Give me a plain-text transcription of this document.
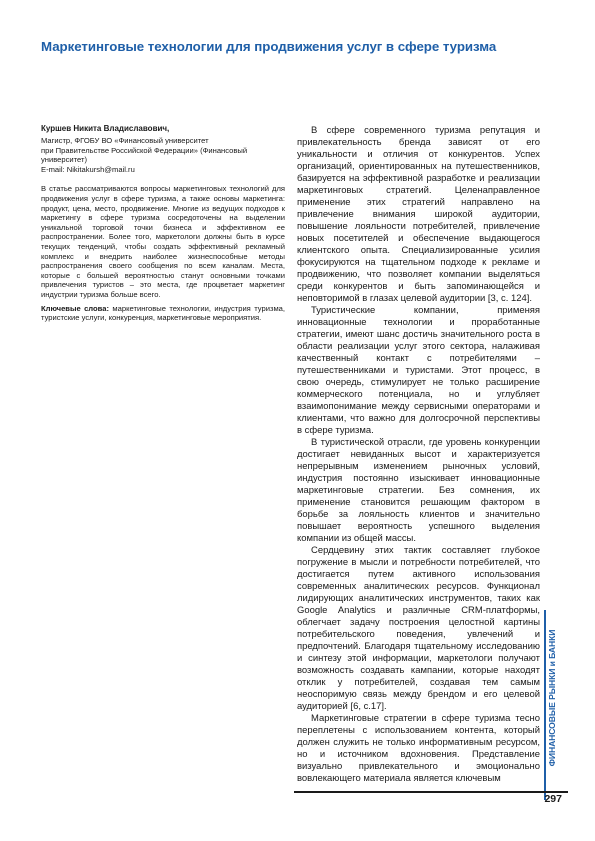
Маркетинговые технологии для продвижения услуг в сфере туризма
Куршев Никита Владиславович,
Магистр, ФГОБУ ВО «Финансовый университет
при Правительстве Российской Федерации» (Финансовый
университет)
E-mail: Nikitakursh@mail.ru
В статье рассматриваются вопросы маркетинговых технологий для продвижения услуг в сфере туризма, а также основы маркетинга: продукт, цена, место, продвижение. Многие из ведущих подходов к маркетингу в сфере туризма сосредоточены на выделении уникальной торговой точки бизнеса и эффективном ее распространении. Более того, маркетологи должны быть в курсе текущих тенденций, чтобы создать эффективный рекламный комплекс и внедрить наиболее жизнеспособные методы распространения своего сообщения по всем каналам. Места, которые с большей вероятностью станут основными точками привлечения туристов – это места, где процветает маркетинг индустрии туризма больше всего.
Ключевые слова: маркетинговые технологии, индустрия туризма, туристские услуги, конкуренция, маркетинговые мероприятия.

В сфере современного туризма репутация и привлекательность бренда зависят от его уникальности и отличия от конкурентов. Успех организаций, ориентированных на путешественников, базируется на эффективной разработке и реализации маркетинговых стратегий. Целенаправленное применение этих стратегий направлено на привлечение внимания широкой аудитории, повышение лояльности потребителей, привлечение новых посетителей и обеспечение выдающегося клиентского опыта. Специализированные усилия фокусируются на тщательном подходе к рекламе и продвижению, что позволяет компании выделяться среди конкурентов и быть запоминающейся и неповторимой в глазах целевой аудитории [3, с. 124].

Туристические компании, применяя инновационные технологии и проработанные стратегии, имеют шанс достичь значительного роста в области реализации услуг этого сектора, налаживая качественный контакт с потребителями – путешественниками и туристами. Этот процесс, в свою очередь, стимулирует не только расширение коммерческого потенциала, но и углубляет взаимопонимание между сервисными операторами и клиентами, что важно для долгосрочной перспективы в сфере туризма.

В туристической отрасли, где уровень конкуренции достигает невиданных высот и характеризуется непрерывным изменением рыночных условий, индустрия постоянно изыскивает инновационные маркетинговые стратегии. Без сомнения, их применение становится решающим фактором в борьбе за лояльность клиентов и значительно повышает вероятность успешного выделения компании из общей массы.

Сердцевину этих тактик составляет глубокое погружение в мысли и потребности потребителей, что достигается путем активного использования современных аналитических ресурсов. Функционал лидирующих аналитических инструментов, таких как Google Analytics и различные CRM-платформы, облегчает задачу построения целостной картины потребительского поведения, увлечений и предпочтений. Благодаря тщательному исследованию и синтезу этой информации, маркетологи получают возможность создавать кампании, которые находят отклик у потребителей, создавая тем самым неоспоримую связь между брендом и его целевой аудиторией [6, с.17].

Маркетинговые стратегии в сфере туризма тесно переплетены с использованием контента, который должен служить не только информативным ресурсом, но и источником вдохновения. Представление визуально привлекательного и эмоционально вовлекающего материала является ключевым

ФИНАНСОВЫЕ РЫНКИ и БАНКИ
297
